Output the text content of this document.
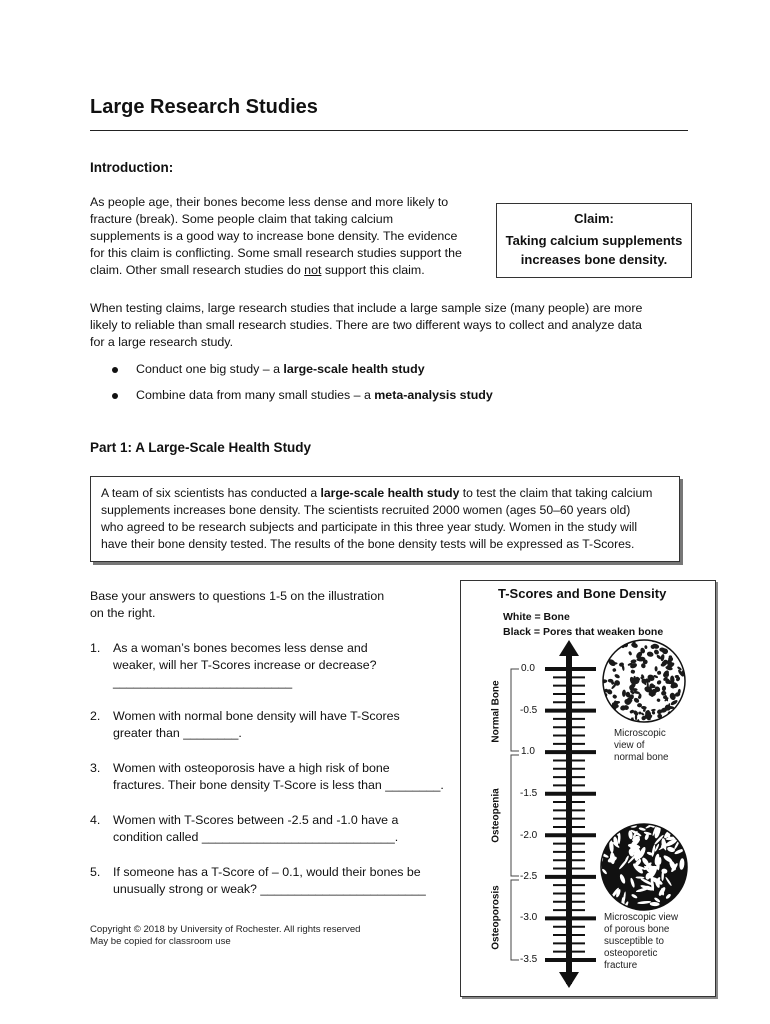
Large Research Studies
Introduction:
As people age, their bones become less dense and more likely to
fracture (break). Some people claim that taking calcium
supplements is a good way to increase bone density. The evidence
for this claim is conflicting. Some small research studies support the
claim. Other small research studies do not support this claim.
Claim:
Taking calcium supplements
increases bone density.
When testing claims, large research studies that include a large sample size (many people) are more
likely to reliable than small research studies. There are two different ways to collect and analyze data
for a large research study.
Conduct one big study – a large-scale health study
Combine data from many small studies – a meta-analysis study
Part 1: A Large-Scale Health Study
A team of six scientists has conducted a large-scale health study to test the claim that taking calcium
supplements increases bone density. The scientists recruited 2000 women (ages 50–60 years old)
who agreed to be research subjects and participate in this three year study. Women in the study will
have their bone density tested. The results of the bone density tests will be expressed as T-Scores.
Base your answers to questions 1-5 on the illustration
on the right.
1. As a woman’s bones becomes less dense and
weaker, will her T-Scores increase or decrease?
__________________________
2. Women with normal bone density will have T-Scores
greater than ________.
3. Women with osteoporosis have a high risk of bone
fractures. Their bone density T-Score is less than ________.
4. Women with T-Scores between -2.5 and -1.0 have a
condition called ____________________________.
5. If someone has a T-Score of – 0.1, would their bones be
unusually strong or weak? ________________________
Copyright © 2018 by University of Rochester. All rights reserved
May be copied for classroom use
T-Scores and Bone Density
White = Bone
Black = Pores that weaken bone
Normal Bone
Osteopenia
Osteoporosis
0.0
-0.5
1.0
-1.5
-2.0
-2.5
-3.0
-3.5
Microscopic
view of
normal bone
Microscopic view
of porous bone
susceptible to
osteoporetic
fracture
